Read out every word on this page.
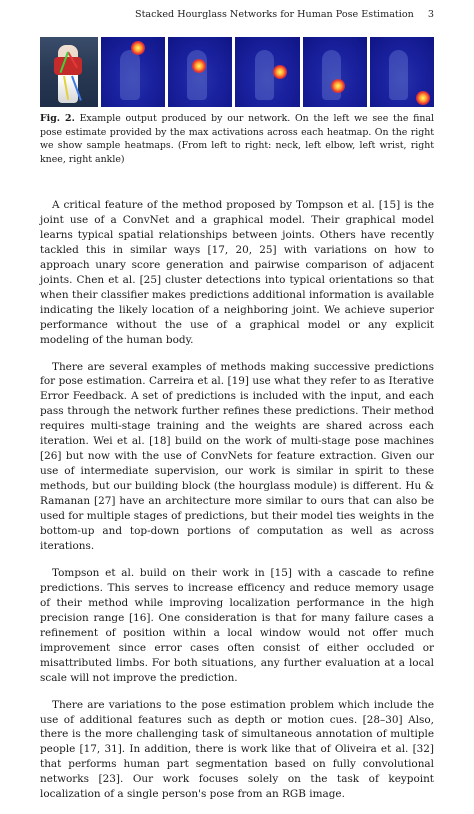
Stacked Hourglass Networks for Human Pose Estimation 3
Fig. 2. Example output produced by our network. On the left we see the final pose estimate provided by the max activations across each heatmap. On the right we show sample heatmaps. (From left to right: neck, left elbow, left wrist, right knee, right ankle)

A critical feature of the method proposed by Tompson et al. [15] is the joint use of a ConvNet and a graphical model. Their graphical model learns typical spatial relationships between joints. Others have recently tackled this in similar ways [17, 20, 25] with variations on how to approach unary score generation and pairwise comparison of adjacent joints. Chen et al. [25] cluster detections into typical orientations so that when their classifier makes predictions additional information is available indicating the likely location of a neighboring joint. We achieve superior performance without the use of a graphical model or any explicit modeling of the human body.

There are several examples of methods making successive predictions for pose estimation. Carreira et al. [19] use what they refer to as Iterative Error Feedback. A set of predictions is included with the input, and each pass through the network further refines these predictions. Their method requires multi-stage training and the weights are shared across each iteration. Wei et al. [18] build on the work of multi-stage pose machines [26] but now with the use of ConvNets for feature extraction. Given our use of intermediate supervision, our work is similar in spirit to these methods, but our building block (the hourglass module) is different. Hu & Ramanan [27] have an architecture more similar to ours that can also be used for multiple stages of predictions, but their model ties weights in the bottom-up and top-down portions of computation as well as across iterations.

Tompson et al. build on their work in [15] with a cascade to refine predictions. This serves to increase efficency and reduce memory usage of their method while improving localization performance in the high precision range [16]. One consideration is that for many failure cases a refinement of position within a local window would not offer much improvement since error cases often consist of either occluded or misattributed limbs. For both situations, any further evaluation at a local scale will not improve the prediction.

There are variations to the pose estimation problem which include the use of additional features such as depth or motion cues. [28–30] Also, there is the more challenging task of simultaneous annotation of multiple people [17, 31]. In addition, there is work like that of Oliveira et al. [32] that performs human part segmentation based on fully convolutional networks [23]. Our work focuses solely on the task of keypoint localization of a single person's pose from an RGB image.
